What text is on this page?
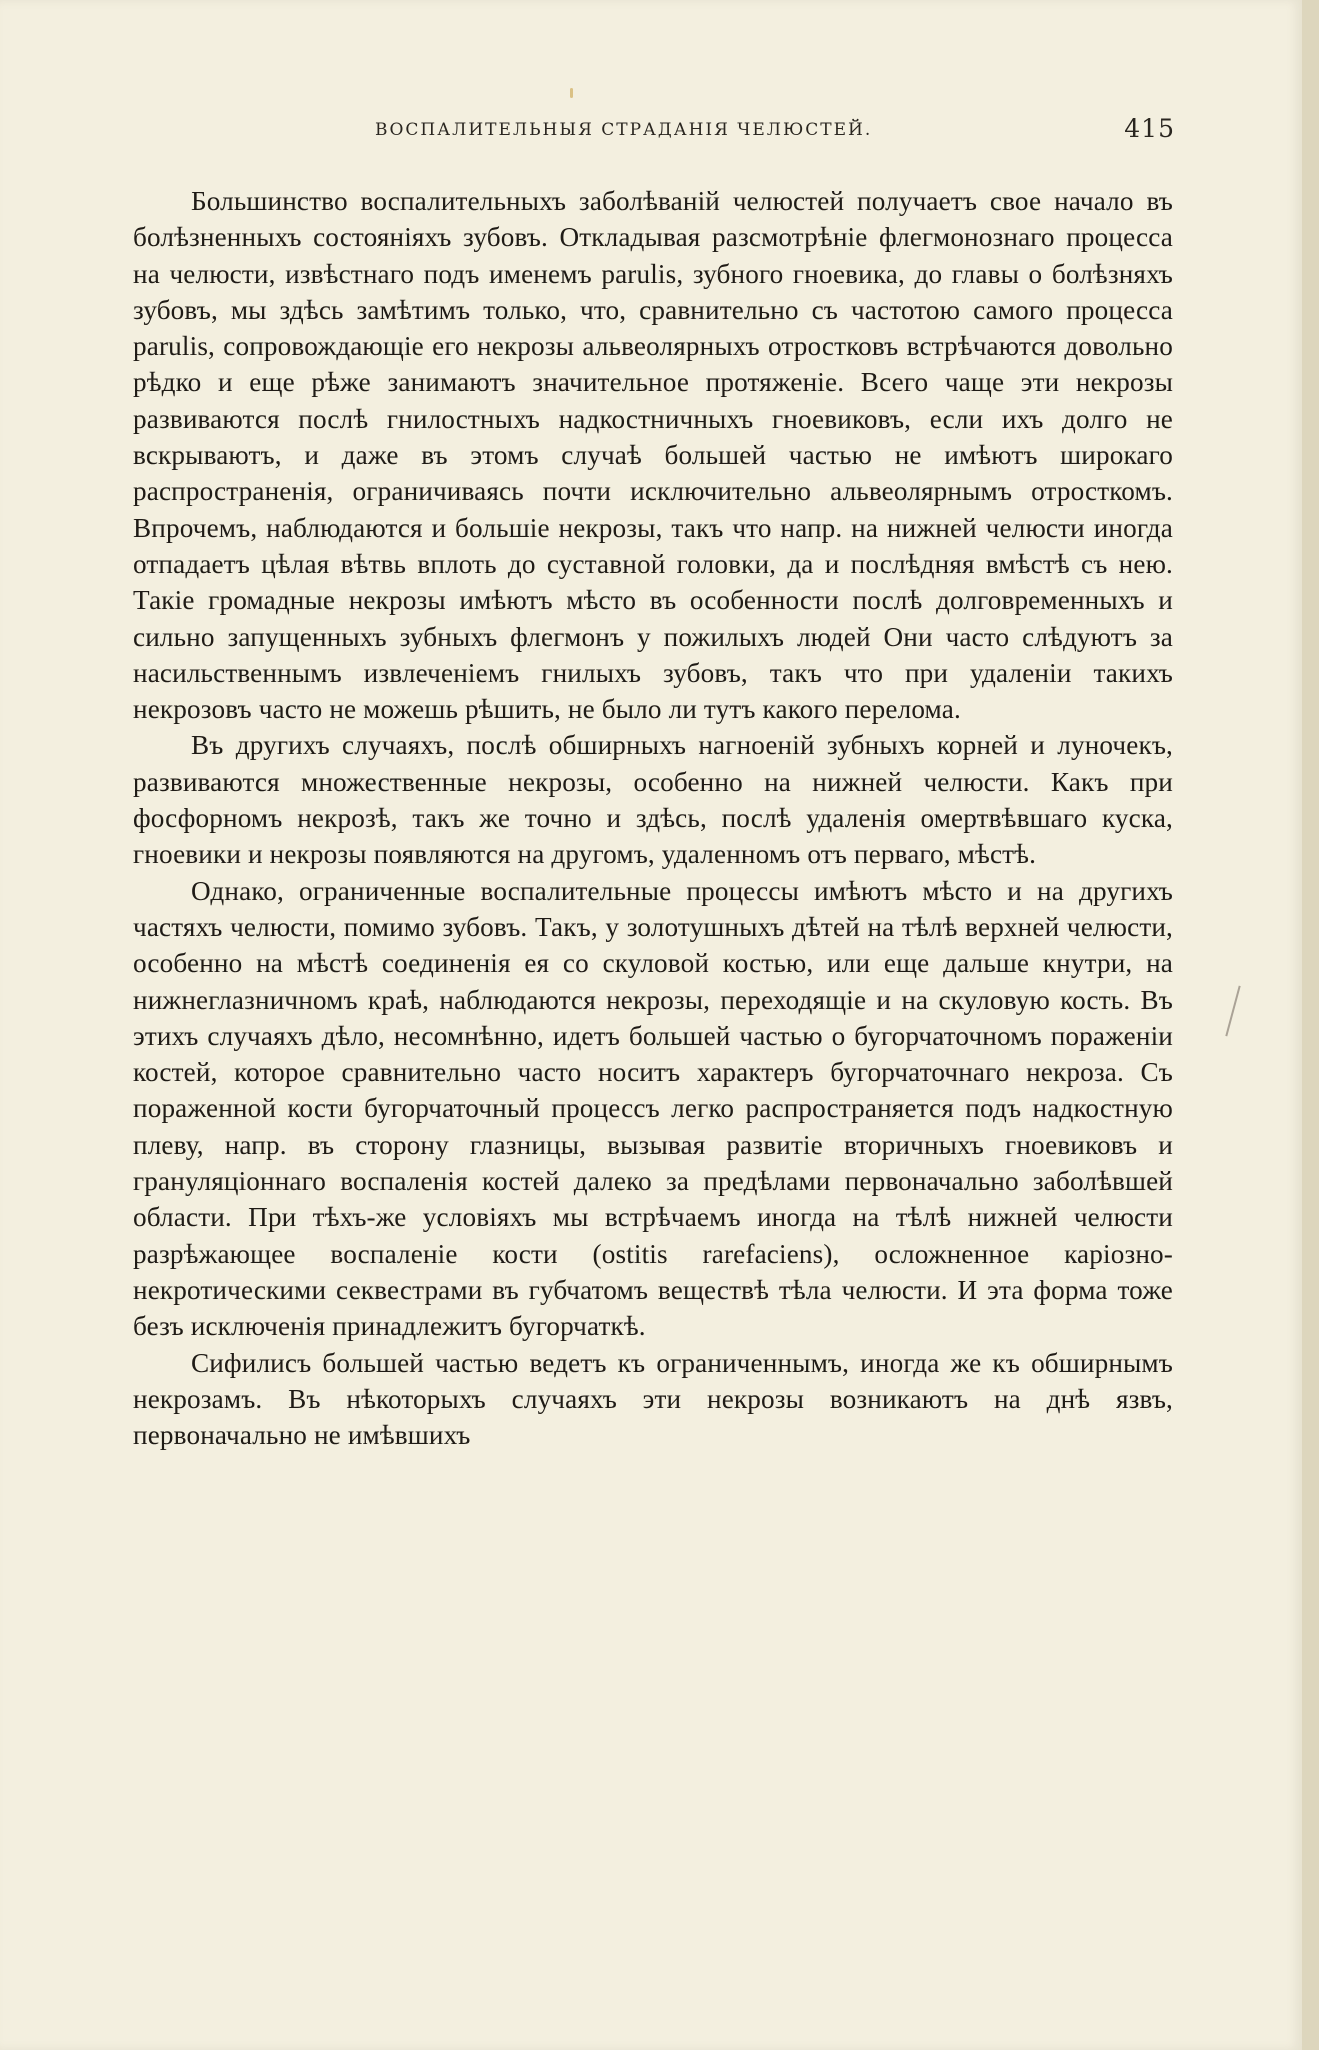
ВОСПАЛИТЕЛЬНЫЯ СТРАДАНІЯ ЧЕЛЮСТЕЙ.	415

Большинство воспалительныхъ заболѣваній челюстей получаетъ свое начало въ болѣзненныхъ состояніяхъ зубовъ. Откладывая разсмотрѣніе флегмонознаго процесса на челюсти, извѣстнаго подъ именемъ parulis, зубного гноевика, до главы о болѣзняхъ зубовъ, мы здѣсь замѣтимъ только, что, сравнительно съ частотою самого процесса parulis, сопровождающіе его некрозы альвеолярныхъ отростковъ встрѣчаются довольно рѣдко и еще рѣже занимаютъ значительное протяженіе. Всего чаще эти некрозы развиваются послѣ гнилостныхъ надкостничныхъ гноевиковъ, если ихъ долго не вскрываютъ, и даже въ этомъ случаѣ большей частью не имѣютъ широкаго распространенія, ограничиваясь почти исключительно альвеолярнымъ отросткомъ. Впрочемъ, наблюдаются и большіе некрозы, такъ что напр. на нижней челюсти иногда отпадаетъ цѣлая вѣтвь вплоть до суставной головки, да и послѣдняя вмѣстѣ съ нею. Такіе громадные некрозы имѣютъ мѣсто въ особенности послѣ долговременныхъ и сильно запущенныхъ зубныхъ флегмонъ у пожилыхъ людей Они часто слѣдуютъ за насильственнымъ извлеченіемъ гнилыхъ зубовъ, такъ что при удаленіи такихъ некрозовъ часто не можешь рѣшить, не было ли тутъ какого перелома.

Въ другихъ случаяхъ, послѣ обширныхъ нагноеній зубныхъ корней и луночекъ, развиваются множественные некрозы, особенно на нижней челюсти. Какъ при фосфорномъ некрозѣ, такъ же точно и здѣсь, послѣ удаленія омертвѣвшаго куска, гноевики и некрозы появляются на другомъ, удаленномъ отъ перваго, мѣстѣ.

Однако, ограниченные воспалительные процессы имѣютъ мѣсто и на другихъ частяхъ челюсти, помимо зубовъ. Такъ, у золотушныхъ дѣтей на тѣлѣ верхней челюсти, особенно на мѣстѣ соединенія ея со скуловой костью, или еще дальше кнутри, на нижнеглазничномъ краѣ, наблюдаются некрозы, переходящіе и на скуловую кость. Въ этихъ случаяхъ дѣло, несомнѣнно, идетъ большей частью о бугорчаточномъ пораженіи костей, которое сравнительно часто носитъ характеръ бугорчаточнаго некроза. Съ пораженной кости бугорчаточный процессъ легко распространяется подъ надкостную плеву, напр. въ сторону глазницы, вызывая развитіе вторичныхъ гноевиковъ и грануляціоннаго воспаленія костей далеко за предѣлами первоначально заболѣвшей области. При тѣхъ-же условіяхъ мы встрѣчаемъ иногда на тѣлѣ нижней челюсти разрѣжающее воспаленіе кости (ostitis rarefaciens), осложненное каріозно-некротическими секвестрами въ губчатомъ веществѣ тѣла челюсти. И эта форма тоже безъ исключенія принадлежитъ бугорчаткѣ.

Сифилисъ большей частью ведетъ къ ограниченнымъ, иногда же къ обширнымъ некрозамъ. Въ нѣкоторыхъ случаяхъ эти некрозы возникаютъ на днѣ язвъ, первоначально не имѣвшихъ
